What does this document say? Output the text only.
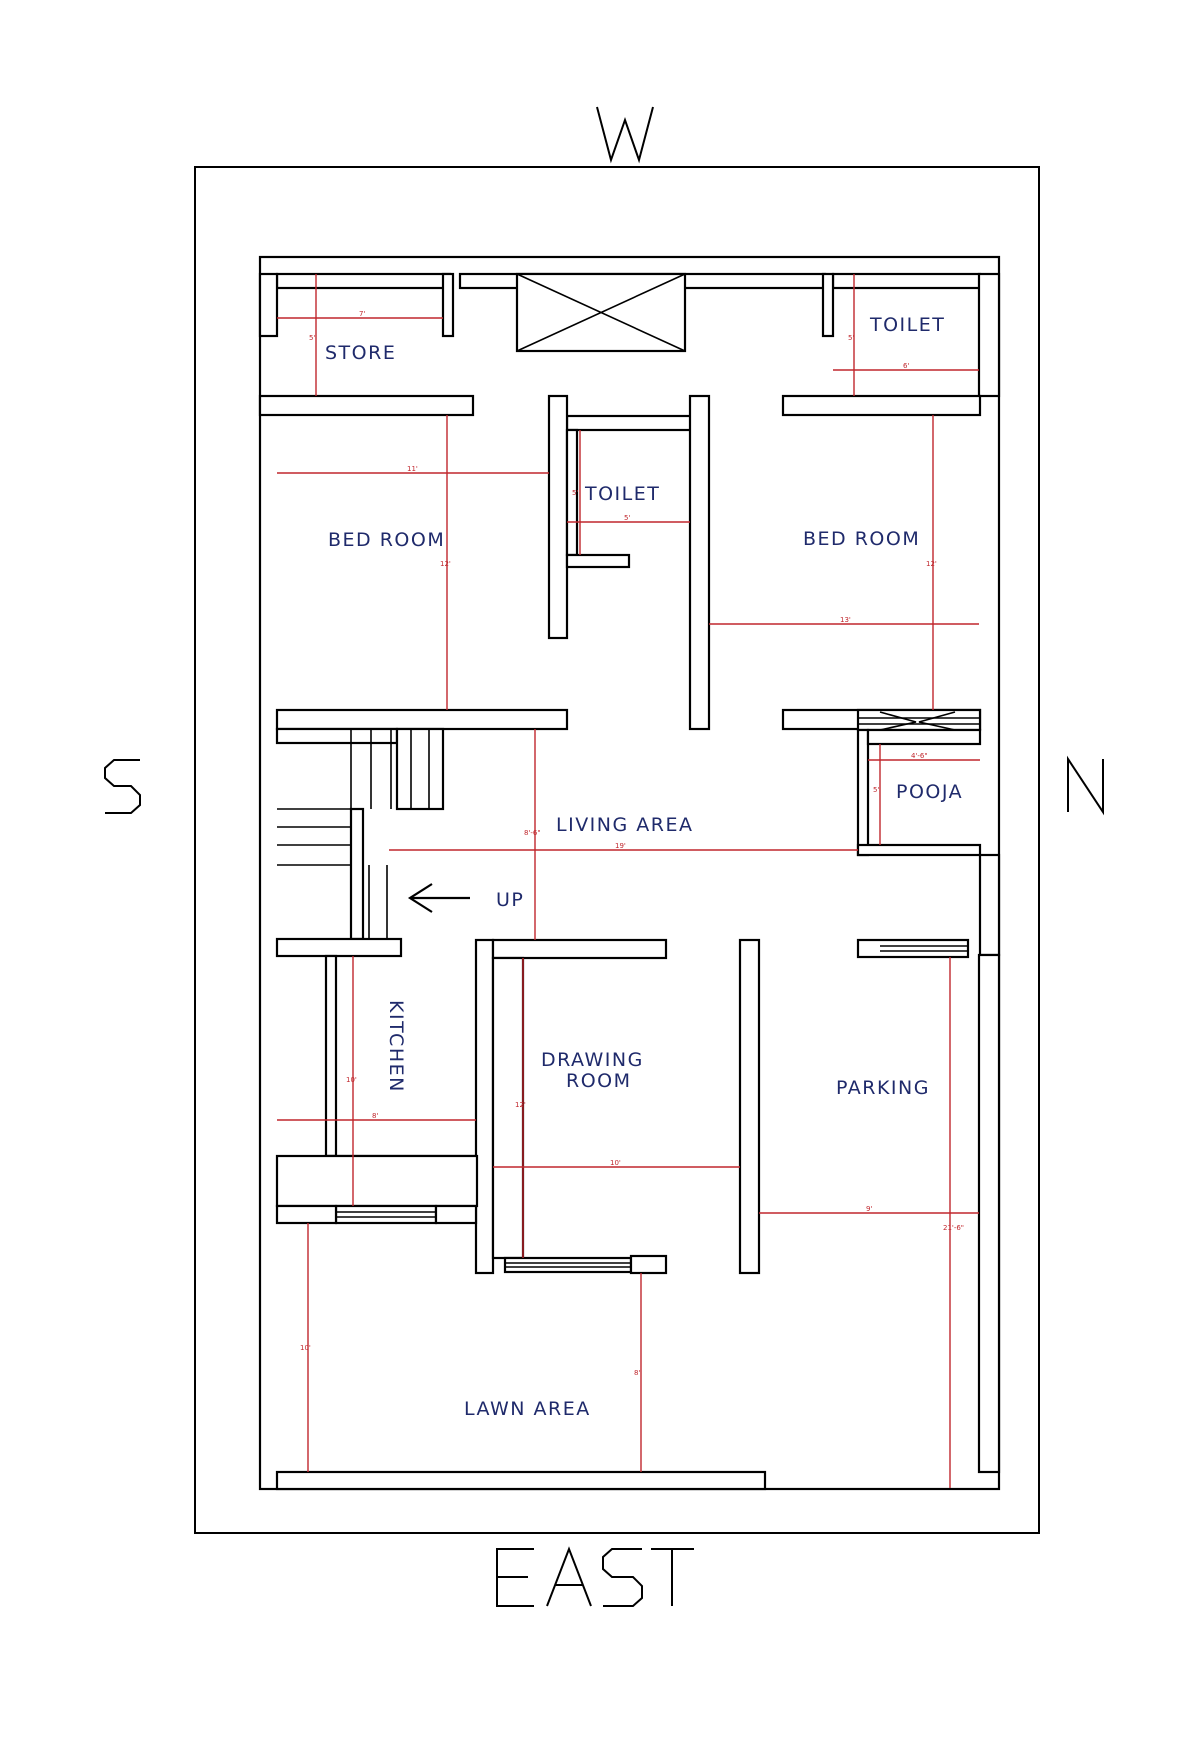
W
S	N
EAST
7'
5'
6'
5'
11'
12'
5'
5'
13'
12'
4'-6"
5'
19'
8'-6"
8'
10'
10'
12'
9'
21'-6"
8'
10'
STORE
TOILET
TOILET
BED ROOM	BED ROOM
POOJA
LIVING AREA
UP
KITCHEN	DRAWING
ROOM	PARKING
LAWN AREA
